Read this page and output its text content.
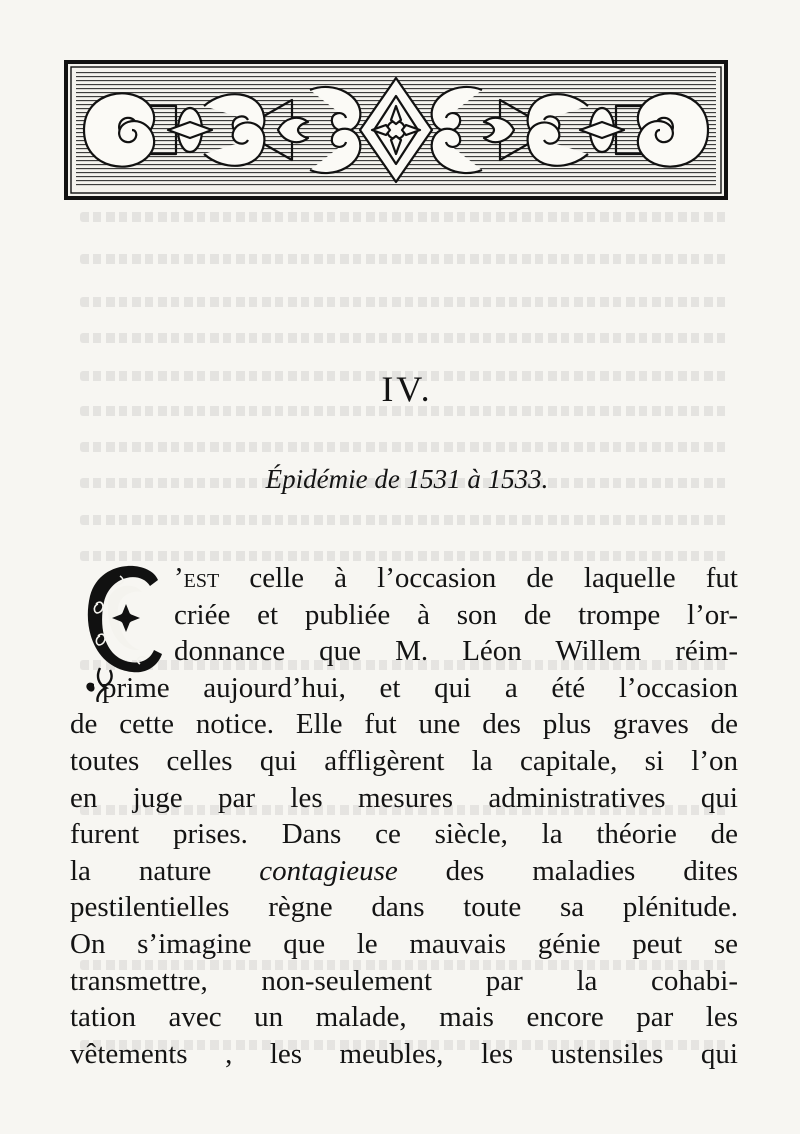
IV.
Épidémie de 1531 à 1533.
’est celle à l’occasion de laquelle fut
criée et publiée à son de trompe l’or-
donnance que M. Léon Willem réim-
prime aujourd’hui, et qui a été l’occasion
de cette notice. Elle fut une des plus graves de
toutes celles qui affligèrent la capitale, si l’on
en juge par les mesures administratives qui
furent prises. Dans ce siècle, la théorie de
la nature contagieuse des maladies dites
pestilentielles règne dans toute sa plénitude.
On s’imagine que le mauvais génie peut se
transmettre, non-seulement par la cohabi-
tation avec un malade, mais encore par les
vêtements , les meubles, les ustensiles qui
